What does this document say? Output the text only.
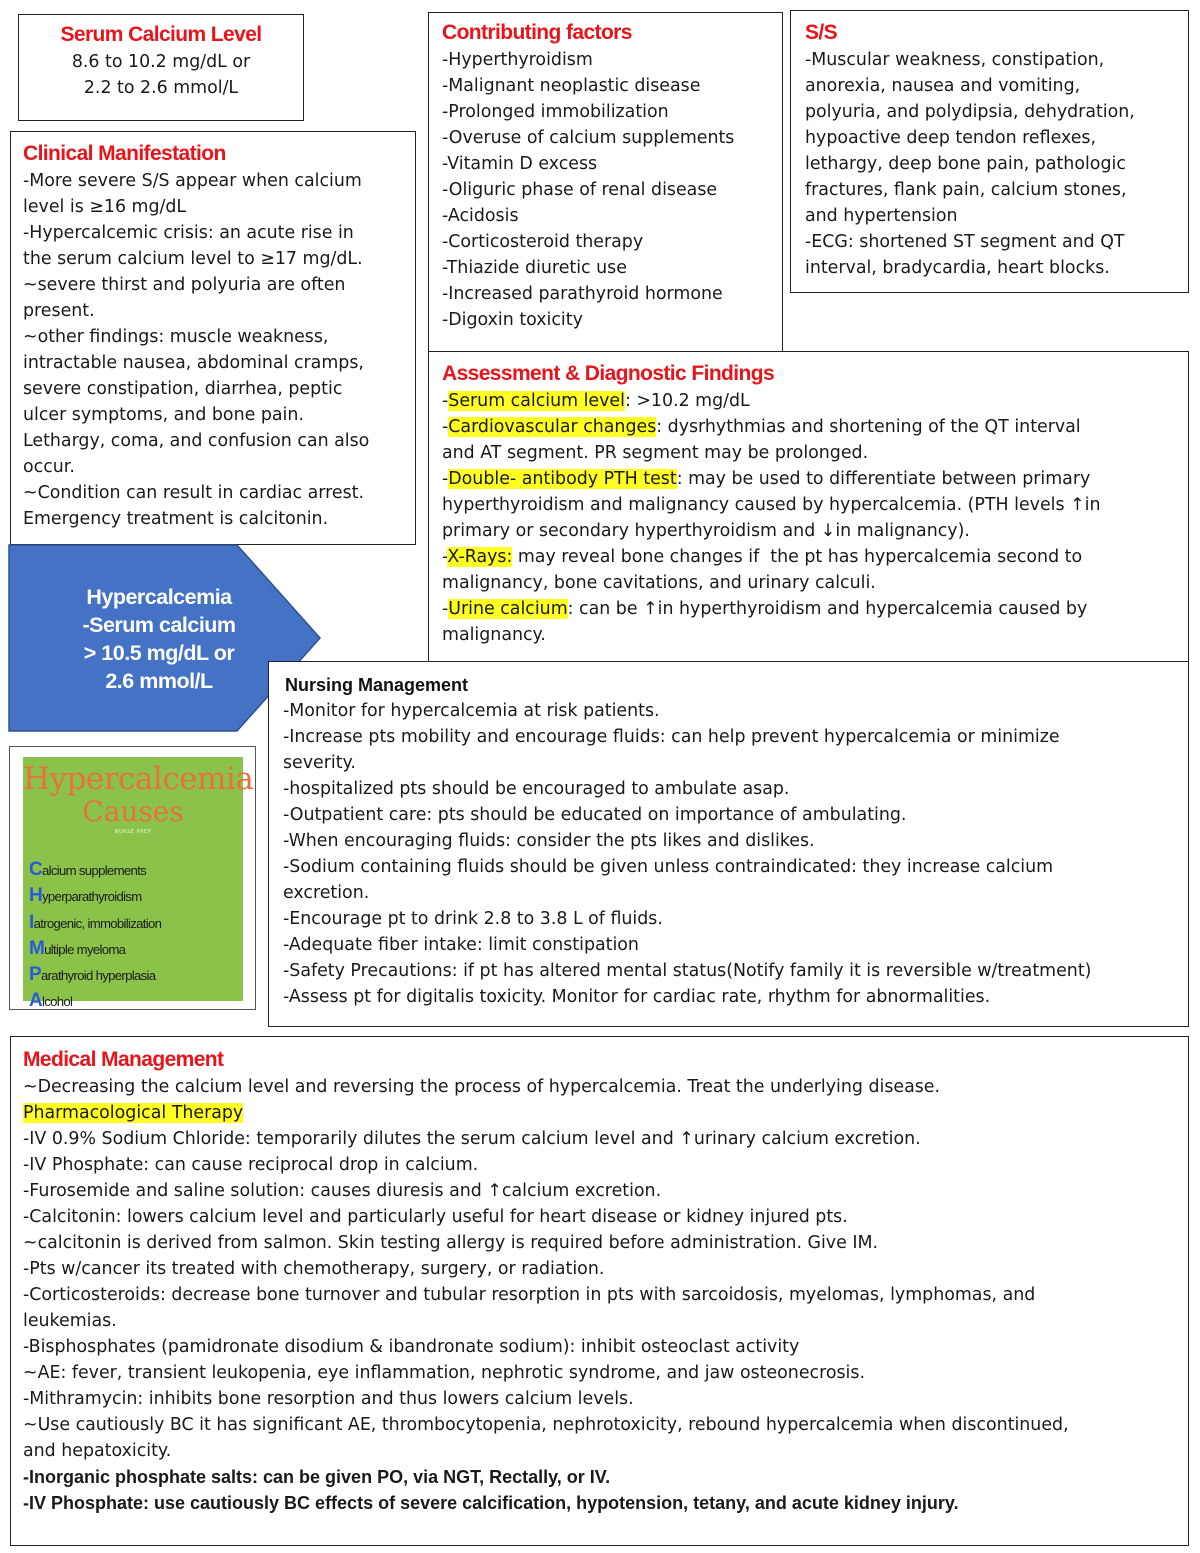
Serum Calcium Level
8.6 to 10.2 mg/dL or
2.2 to 2.6 mmol/L
Contributing factors
-Hyperthyroidism
-Malignant neoplastic disease
-Prolonged immobilization
-Overuse of calcium supplements
-Vitamin D excess
-Oliguric phase of renal disease
-Acidosis
-Corticosteroid therapy
-Thiazide diuretic use
-Increased parathyroid hormone
-Digoxin toxicity
S/S
-Muscular weakness, constipation,
anorexia, nausea and vomiting,
polyuria, and polydipsia, dehydration,
hypoactive deep tendon reflexes,
lethargy, deep bone pain, pathologic
fractures, flank pain, calcium stones,
and hypertension
-ECG: shortened ST segment and QT
interval, bradycardia, heart blocks.
Clinical Manifestation
-More severe S/S appear when calcium
level is ≥16 mg/dL
-Hypercalcemic crisis: an acute rise in
the serum calcium level to ≥17 mg/dL.
~severe thirst and polyuria are often
present.
~other findings: muscle weakness,
intractable nausea, abdominal cramps,
severe constipation, diarrhea, peptic
ulcer symptoms, and bone pain.
Lethargy, coma, and confusion can also
occur.
~Condition can result in cardiac arrest.
Emergency treatment is calcitonin.
Assessment & Diagnostic Findings
-Serum calcium level: >10.2 mg/dL
-Cardiovascular changes: dysrhythmias and shortening of the QT interval
and AT segment. PR segment may be prolonged.
-Double- antibody PTH test: may be used to differentiate between primary
hyperthyroidism and malignancy caused by hypercalcemia. (PTH levels ↑in
primary or secondary hyperthyroidism and ↓in malignancy).
-X-Rays: may reveal bone changes if  the pt has hypercalcemia second to
malignancy, bone cavitations, and urinary calculi.
-Urine calcium: can be ↑in hyperthyroidism and hypercalcemia caused by
malignancy.
Hypercalcemia
-Serum calcium
> 10.5 mg/dL or
2.6 mmol/L
Hypercalcemia
Causes
NURSE PREP
Calcium supplements
Hyperparathyroidism
Iatrogenic, immobilization
Multiple myeloma
Parathyroid hyperplasia
Alcohol
Nursing Management
-Monitor for hypercalcemia at risk patients.
-Increase pts mobility and encourage fluids: can help prevent hypercalcemia or minimize
severity.
-hospitalized pts should be encouraged to ambulate asap.
-Outpatient care: pts should be educated on importance of ambulating.
-When encouraging fluids: consider the pts likes and dislikes.
-Sodium containing fluids should be given unless contraindicated: they increase calcium
excretion.
-Encourage pt to drink 2.8 to 3.8 L of fluids.
-Adequate fiber intake: limit constipation
-Safety Precautions: if pt has altered mental status(Notify family it is reversible w/treatment)
-Assess pt for digitalis toxicity. Monitor for cardiac rate, rhythm for abnormalities.
Medical Management
~Decreasing the calcium level and reversing the process of hypercalcemia. Treat the underlying disease.
Pharmacological Therapy
-IV 0.9% Sodium Chloride: temporarily dilutes the serum calcium level and ↑urinary calcium excretion.
-IV Phosphate: can cause reciprocal drop in calcium.
-Furosemide and saline solution: causes diuresis and ↑calcium excretion.
-Calcitonin: lowers calcium level and particularly useful for heart disease or kidney injured pts.
~calcitonin is derived from salmon. Skin testing allergy is required before administration. Give IM.
-Pts w/cancer its treated with chemotherapy, surgery, or radiation.
-Corticosteroids: decrease bone turnover and tubular resorption in pts with sarcoidosis, myelomas, lymphomas, and
leukemias.
-Bisphosphates (pamidronate disodium & ibandronate sodium): inhibit osteoclast activity
~AE: fever, transient leukopenia, eye inflammation, nephrotic syndrome, and jaw osteonecrosis.
-Mithramycin: inhibits bone resorption and thus lowers calcium levels.
~Use cautiously BC it has significant AE, thrombocytopenia, nephrotoxicity, rebound hypercalcemia when discontinued,
and hepatoxicity.
-Inorganic phosphate salts: can be given PO, via NGT, Rectally, or IV.
-IV Phosphate: use cautiously BC effects of severe calcification, hypotension, tetany, and acute kidney injury.
